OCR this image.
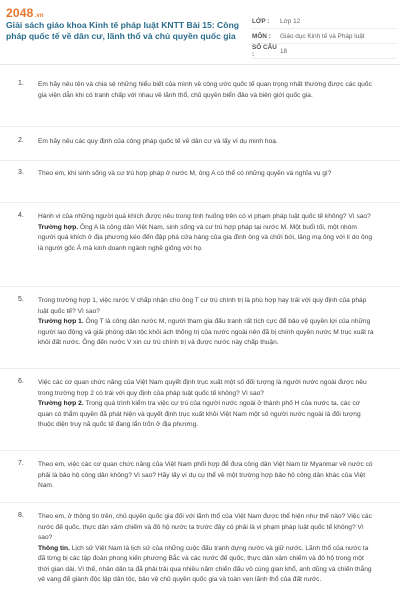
2048.vn
Giải sách giáo khoa Kinh tế pháp luật KNTT Bài 15: Công pháp quốc tế về dân cư, lãnh thổ và chủ quyền quốc gia
LỚP :	Lớp 12
MÔN :	Giáo dục Kinh tế và Pháp luật
SỐ CÂU :	18
1. Em hãy nêu tên và chia sẻ những hiểu biết của mình về công ước quốc tế quan trọng nhất thường được các quốc gia viện dẫn khi có tranh chấp với nhau về lãnh thổ, chủ quyền biển đảo và biên giới quốc gia.
2. Em hãy nêu các quy định của công pháp quốc tế về dân cư và lấy ví dụ minh hoạ.
3. Theo em, khi sinh sống và cư trú hợp pháp ở nước M, ông A có thể có những quyền và nghĩa vụ gì?
4. Hành vi của những người quá khích được nêu trong tình huống trên có vi phạm pháp luật quốc tế không? Vì sao?
Trường hợp. Ông A là công dân Việt Nam, sinh sống và cư trú hợp pháp tại nước M. Một buổi tối, một nhóm người quá khích ở địa phương kéo đến đập phá cửa hàng của gia đình ông và chửi bới, lăng mạ ông với lí do ông là người gốc Á mà kinh doanh ngành nghề giống với họ.
5. Trong trường hợp 1, việc nước V chấp nhận cho ông T cư trú chính trị là phù hợp hay trái với quy định của pháp luật quốc tế? Vì sao?
Trường hợp 1. Ông T là công dân nước M, người tham gia đấu tranh rất tích cực để bảo vệ quyền lợi của những người lao động và giải phóng dân tộc khỏi ách thống trị của nước ngoài nên đã bị chính quyền nước M trục xuất ra khỏi đất nước. Ông đến nước V xin cư trú chính trị và được nước này chấp thuận.
6. Việc các cơ quan chức năng của Việt Nam quyết định trục xuất một số đối tượng là người nước ngoài được nêu trong trường hợp 2 có trái với quy định của pháp luật quốc tế không? Vì sao?
Trường hợp 2. Trong quá trình kiểm tra việc cư trú của người nước ngoài ở thành phố H của nước ta, các cơ quan có thẩm quyền đã phát hiện và quyết định trục xuất khỏi Việt Nam một số người nước ngoài là đối tượng thuộc diện truy nã quốc tế đang lẩn trốn ở địa phương.
7. Theo em, việc các cơ quan chức năng của Việt Nam phối hợp để đưa công dân Việt Nam từ Myanmar về nước có phải là bảo hộ công dân không? Vì sao? Hãy lấy ví dụ cụ thể về một trường hợp bảo hộ công dân khác của Việt Nam.
8. Theo em, ở thông tin trên, chủ quyền quốc gia đối với lãnh thổ của Việt Nam được thể hiện như thế nào? Việc các nước đế quốc, thực dân xâm chiếm và đô hộ nước ta trước đây có phải là vi phạm pháp luật quốc tế không? Vì sao?
Thông tin. Lịch sử Việt Nam là lịch sử của những cuộc đấu tranh dựng nước và giữ nước. Lãnh thổ của nước ta đã từng bị các tập đoàn phong kiến phương Bắc và các nước đế quốc, thực dân xâm chiếm và đô hộ trong một thời gian dài. Vì thế, nhân dân ta đã phải trải qua nhiều năm chiến đấu vô cùng gian khổ, anh dũng và chiến thắng vẻ vang để giành độc lập dân tộc, bảo vệ chủ quyền quốc gia và toàn vẹn lãnh thổ của đất nước.
